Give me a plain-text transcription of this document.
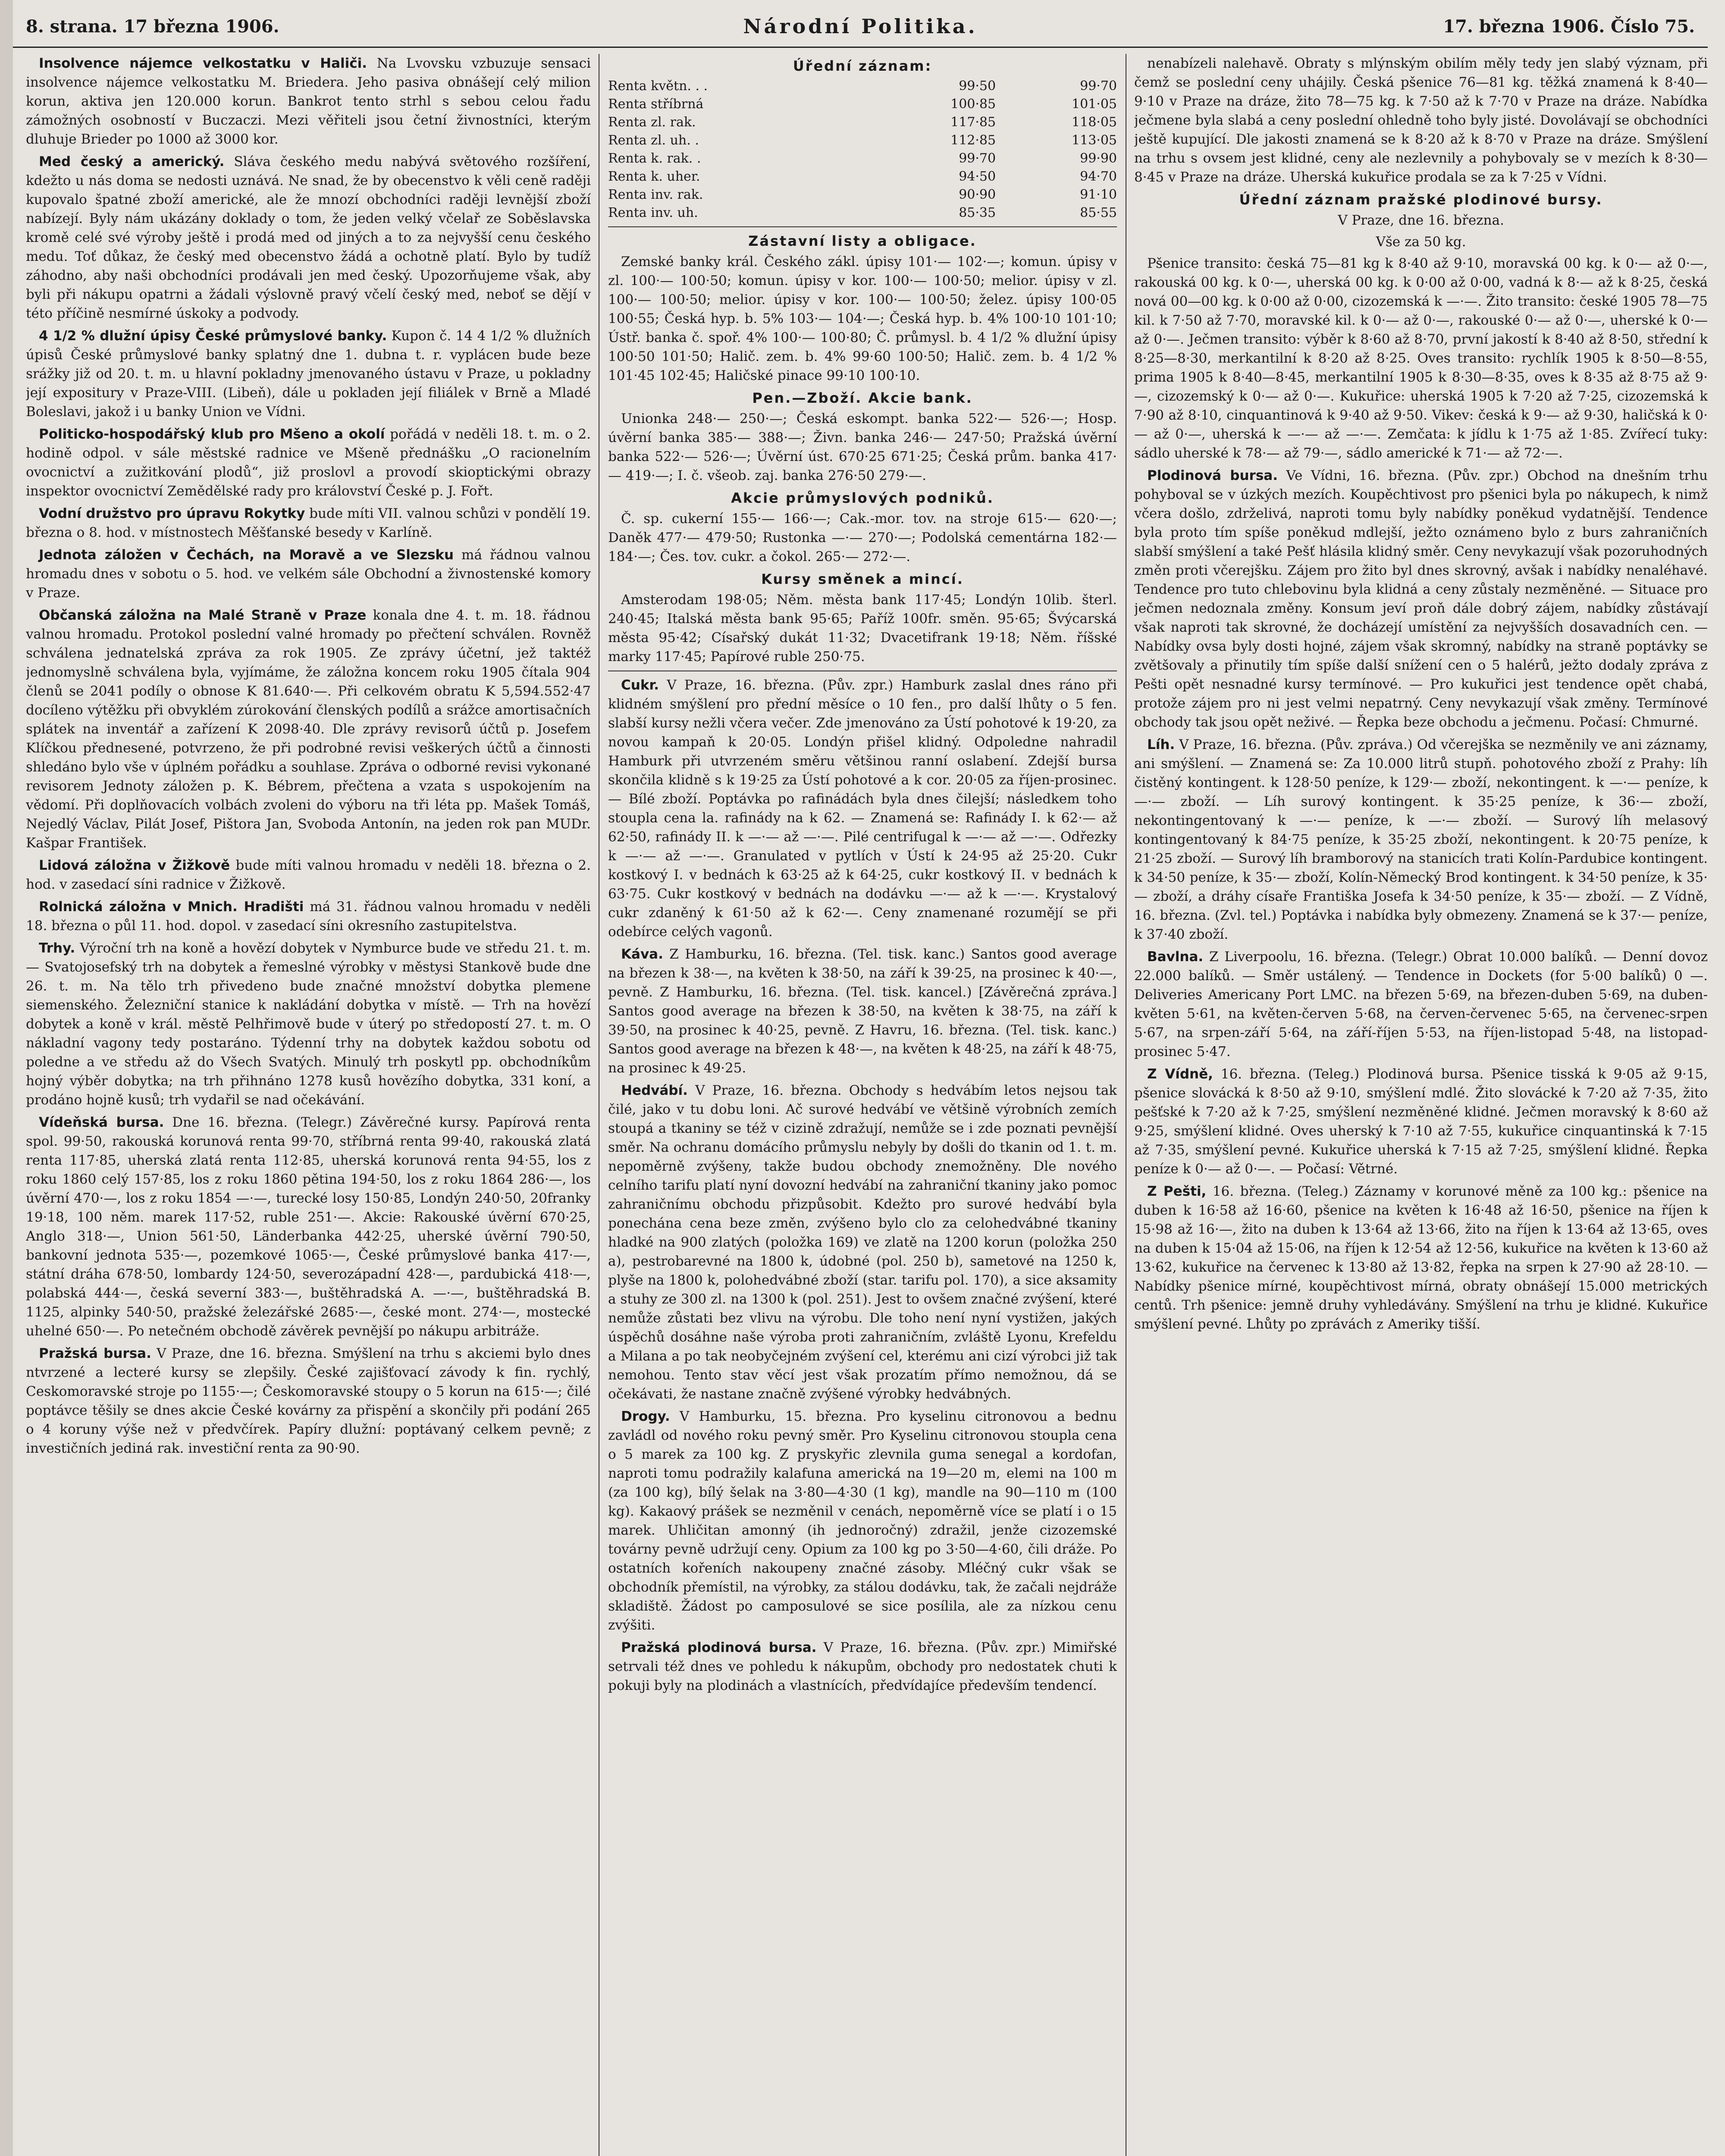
8. strana. 17 března 1906.	Národní Politika.	17. března 1906. Číslo 75.

Insolvence nájemce velkostatku v Haliči. Na Lvovsku vzbuzuje sensaci insolvence nájemce velkostatku M. Briedera. Jeho pasiva obnášejí celý milion korun, aktiva jen 120.000 korun. Bankrot tento strhl s sebou celou řadu zámožných osobností v Buczaczi. Mezi věřiteli jsou četní živnostníci, kterým dluhuje Brieder po 1000 až 3000 kor.

Med český a americký. Sláva českého medu nabývá světového rozšíření, kdežto u nás doma se nedosti uznává. Ne snad, že by obecenstvo k věli ceně raději kupovalo špatné zboží americké, ale že mnozí obchodníci raději levnější zboží nabízejí. Byly nám ukázány doklady o tom, že jeden velký včelař ze Soběslavska kromě celé své výroby ještě i prodá med od jiných a to za nejvyšší cenu českého medu. Toť důkaz, že český med obecenstvo žádá a ochotně platí. Bylo by tudíž záhodno, aby naši obchodníci prodávali jen med český. Upozorňujeme však, aby byli při nákupu opatrni a žádali výslovně pravý včelí český med, neboť se dějí v této příčině nesmírné úskoky a podvody.

4 1/2 % dlužní úpisy České průmyslové banky. Kupon č. 14 4 1/2 % dlužních úpisů České průmyslové banky splatný dne 1. dubna t. r. vyplácen bude beze srážky již od 20. t. m. u hlavní pokladny jmenovaného ústavu v Praze, u pokladny její expositury v Praze-VIII. (Libeň), dále u pokladen její filiálek v Brně a Mladé Boleslavi, jakož i u banky Union ve Vídni.

Politicko-hospodářský klub pro Mšeno a okolí pořádá v neděli 18. t. m. o 2. hodině odpol. v sále městské radnice ve Mšeně přednášku „O racionelním ovocnictví a zužitkování plodů“, již proslovl a provodí skioptickými obrazy inspektor ovocnictví Zemědělské rady pro království České p. J. Fořt.

Vodní družstvo pro úpravu Rokytky bude míti VII. valnou schůzi v pondělí 19. března o 8. hod. v místnostech Měšťanské besedy v Karlíně.

Jednota záložen v Čechách, na Moravě a ve Slezsku má řádnou valnou hromadu dnes v sobotu o 5. hod. ve velkém sále Obchodní a živnostenské komory v Praze.

Občanská záložna na Malé Straně v Praze konala dne 4. t. m. 18. řádnou valnou hromadu. Protokol poslední valné hromady po přečtení schválen. Rovněž schválena jednatelská zpráva za rok 1905. Ze zprávy účetní, jež taktéž jednomyslně schválena byla, vyjímáme, že záložna koncem roku 1905 čítala 904 členů se 2041 podíly o obnose K 81.640·—. Při celkovém obratu K 5,594.552·47 docíleno výtěžku při obvyklém zúrokování členských podílů a srážce amortisačních splátek na inventář a zařízení K 2098·40. Dle zprávy revisorů účtů p. Josefem Klíčkou přednesené, potvrzeno, že při podrobné revisi veškerých účtů a činnosti shledáno bylo vše v úplném pořádku a souhlase. Zpráva o odborné revisi vykonané revisorem Jednoty záložen p. K. Bébrem, přečtena a vzata s uspokojením na vědomí. Při doplňovacích volbách zvoleni do výboru na tři léta pp. Mašek Tomáš, Nejedlý Václav, Pilát Josef, Pištora Jan, Svoboda Antonín, na jeden rok pan MUDr. Kašpar František.

Lidová záložna v Žižkově bude míti valnou hromadu v neděli 18. března o 2. hod. v zasedací síni radnice v Žižkově.

Rolnická záložna v Mnich. Hradišti má 31. řádnou valnou hromadu v neděli 18. března o půl 11. hod. dopol. v zasedací síni okresního zastupitelstva.

Trhy. Výroční trh na koně a hovězí dobytek v Nymburce bude ve středu 21. t. m. — Svatojosefský trh na dobytek a řemeslné výrobky v městysi Stankově bude dne 26. t. m. Na tělo trh přivedeno bude značné množství dobytka plemene siemenského. Železniční stanice k nakládání dobytka v místě. — Trh na hovězí dobytek a koně v král. městě Pelhřimově bude v úterý po středopostí 27. t. m. O nákladní vagony tedy postaráno. Týdenní trhy na dobytek každou sobotu od poledne a ve středu až do Všech Svatých. Minulý trh poskytl pp. obchodníkům hojný výběr dobytka; na trh přihnáno 1278 kusů hovězího dobytka, 331 koní, a prodáno hojně kusů; trh vydařil se nad očekávání.

Vídeňská bursa. Dne 16. března. (Telegr.) Závěrečné kursy. Papírová renta spol. 99·50, rakouská korunová renta 99·70, stříbrná renta 99·40, rakouská zlatá renta 117·85, uherská zlatá renta 112·85, uherská korunová renta 94·55, los z roku 1860 celý 157·85, los z roku 1860 pětina 194·50, los z roku 1864 286·—, los úvěrní 470·—, los z roku 1854 —·—, turecké losy 150·85, Londýn 240·50, 20franky 19·18, 100 něm. marek 117·52, ruble 251·—. Akcie: Rakouské úvěrní 670·25, Anglo 318·—, Union 561·50, Länderbanka 442·25, uherské úvěrní 790·50, bankovní jednota 535·—, pozemkové 1065·—, České průmyslové banka 417·—, státní dráha 678·50, lombardy 124·50, severozápadní 428·—, pardubická 418·—, polabská 444·—, česká severní 383·—, buštěhradská A. —·—, buštěhradská B. 1125, alpinky 540·50, pražské železářské 2685·—, české mont. 274·—, mostecké uhelné 650·—. Po netečném obchodě závěrek pevnější po nákupu arbitráže.

Pražská bursa. V Praze, dne 16. března. Smýšlení na trhu s akciemi bylo dnes ntvrzené a lecteré kursy se zlepšily. České zajišťovací závody k fin. rychlý, Ceskomoravské stroje po 1155·—; Českomoravské stoupy o 5 korun na 615·—; čilé poptávce těšily se dnes akcie České kovárny za přispění a skončily při podání 265 o 4 koruny výše než v předvčírek. Papíry dlužní: poptávaný celkem pevně; z investičních jediná rak. investiční renta za 90·90.

Úřední záznam:
Renta květn. . .	99·50	99·70
Renta stříbrná	100·85	101·05
Renta zl. rak.	117·85	118·05
Renta zl. uh. .	112·85	113·05
Renta k. rak. .	99·70	99·90
Renta k. uher.	94·50	94·70
Renta inv. rak.	90·90	91·10
Renta inv. uh.	85·35	85·55
Zástavní listy a obligace.

Zemské banky král. Českého zákl. úpisy 101·— 102·—; komun. úpisy v zl. 100·— 100·50; komun. úpisy v kor. 100·— 100·50; melior. úpisy v zl. 100·— 100·50; melior. úpisy v kor. 100·— 100·50; želez. úpisy 100·05 100·55; Česká hyp. b. 5% 103·— 104·—; Česká hyp. b. 4% 100·10 101·10; Ústř. banka č. spoř. 4% 100·— 100·80; Č. průmysl. b. 4 1/2 % dlužní úpisy 100·50 101·50; Halič. zem. b. 4% 99·60 100·50; Halič. zem. b. 4 1/2 % 101·45 102·45; Haličské pinace 99·10 100·10.

Pen.—Zboží. Akcie bank.

Unionka 248·— 250·—; Česká eskompt. banka 522·— 526·—; Hosp. úvěrní banka 385·— 388·—; Živn. banka 246·— 247·50; Pražská úvěrní banka 522·— 526·—; Úvěrní úst. 670·25 671·25; Česká prům. banka 417·— 419·—; I. č. všeob. zaj. banka 276·50 279·—.

Akcie průmyslových podniků.

Č. sp. cukerní 155·— 166·—; Cak.-mor. tov. na stroje 615·— 620·—; Daněk 477·— 479·50; Rustonka —·— 270·—; Podolská cementárna 182·— 184·—; Čes. tov. cukr. a čokol. 265·— 272·—.

Kursy směnek a mincí.

Amsterodam 198·05; Něm. města bank 117·45; Londýn 10lib. šterl. 240·45; Italská města bank 95·65; Paříž 100fr. směn. 95·65; Švýcarská města 95·42; Císařský dukát 11·32; Dvacetifrank 19·18; Něm. říšské marky 117·45; Papírové ruble 250·75.

Cukr. V Praze, 16. března. (Pův. zpr.) Hamburk zaslal dnes ráno při klidném smýšlení pro přední měsíce o 10 fen., pro další lhůty o 5 fen. slabší kursy nežli včera večer. Zde jmenováno za Ústí pohotové k 19·20, za novou kampaň k 20·05. Londýn přišel klidný. Odpoledne nahradil Hamburk při utvrzeném směru většinou ranní oslabení. Zdejší bursa skončila klidně s k 19·25 za Ústí pohotové a k cor. 20·05 za říjen-prosinec. — Bílé zboží. Poptávka po rafinádách byla dnes čilejší; následkem toho stoupla cena la. rafinády na k 62. — Znamená se: Rafinády I. k 62·— až 62·50, rafinády II. k —·— až —·—. Pilé centrifugal k —·— až —·—. Odřezky k —·— až —·—. Granulated v pytlích v Ústí k 24·95 až 25·20. Cukr kostkový I. v bednách k 63·25 až k 64·25, cukr kostkový II. v bednách k 63·75. Cukr kostkový v bednách na dodávku —·— až k —·—. Krystalový cukr zdaněný k 61·50 až k 62·—. Ceny znamenané rozumějí se při odebírce celých vagonů.

Káva. Z Hamburku, 16. března. (Tel. tisk. kanc.) Santos good average na březen k 38·—, na květen k 38·50, na září k 39·25, na prosinec k 40·—, pevně. Z Hamburku, 16. března. (Tel. tisk. kancel.) [Závěrečná zpráva.] Santos good average na březen k 38·50, na květen k 38·75, na září k 39·50, na prosinec k 40·25, pevně. Z Havru, 16. března. (Tel. tisk. kanc.) Santos good average na březen k 48·—, na květen k 48·25, na září k 48·75, na prosinec k 49·25.

Hedvábí. V Praze, 16. března. Obchody s hedvábím letos nejsou tak čilé, jako v tu dobu loni. Ač surové hedvábí ve většině výrobních zemích stoupá a tkaniny se též v cizině zdražují, nemůže se i zde poznati pevnější směr. Na ochranu domácího průmyslu nebyly by došli do tkanin od 1. t. m. nepoměrně zvýšeny, takže budou obchody znemožněny. Dle nového celního tarifu platí nyní dovozní hedvábí na zahraniční tkaniny jako pomoc zahraničnímu obchodu přizpůsobit. Kdežto pro surové hedvábí byla ponechána cena beze změn, zvýšeno bylo clo za celohedvábné tkaniny hladké na 900 zlatých (položka 169) ve zlatě na 1200 korun (položka 250 a), pestrobarevné na 1800 k, údobné (pol. 250 b), sametové na 1250 k, plyše na 1800 k, polohedvábné zboží (star. tarifu pol. 170), a sice aksamity a stuhy ze 300 zl. na 1300 k (pol. 251). Jest to ovšem značné zvýšení, které nemůže zůstati bez vlivu na výrobu. Dle toho není nyní vystižen, jakých úspěchů dosáhne naše výroba proti zahraničním, zvláště Lyonu, Krefeldu a Milana a po tak neobyčejném zvýšení cel, kterému ani cizí výrobci již tak nemohou. Tento stav věcí jest však prozatím přímo nemožnou, dá se očekávati, že nastane značně zvýšené výrobky hedvábných.

Drogy. V Hamburku, 15. března. Pro kyselinu citronovou a bednu zavládl od nového roku pevný směr. Pro Kyselinu citronovou stoupla cena o 5 marek za 100 kg. Z pryskyřic zlevnila guma senegal a kordofan, naproti tomu podražily kalafuna americká na 19—20 m, elemi na 100 m (za 100 kg), bílý šelak na 3·80—4·30 (1 kg), mandle na 90—110 m (100 kg). Kakaový prášek se nezměnil v cenách, nepoměrně více se platí i o 15 marek. Uhličitan amonný (ih jednoročný) zdražil, jenže cizozemské továrny pevně udržují ceny. Opium za 100 kg po 3·50—4·60, čili dráže. Po ostatních kořeních nakoupeny značné zásoby. Mléčný cukr však se obchodník přemístil, na výrobky, za stálou dodávku, tak, že začali nejdráže skladiště. Žádost po camposulové se sice posílila, ale za nízkou cenu zvýšiti.

Pražská plodinová bursa. V Praze, 16. března. (Pův. zpr.) Mimiřské setrvali též dnes ve pohledu k nákupům, obchody pro nedostatek chuti k pokuji byly na plodinách a vlastnících, předvídajíce především tendencí.

nenabízeli nalehavě. Obraty s mlýnským obilím měly tedy jen slabý význam, při čemž se poslední ceny uhájily. Česká pšenice 76—81 kg. těžká znamená k 8·40—9·10 v Praze na dráze, žito 78—75 kg. k 7·50 až k 7·70 v Praze na dráze. Nabídka ječmene byla slabá a ceny poslední ohledně toho byly jisté. Dovolávají se obchodníci ještě kupující. Dle jakosti znamená se k 8·20 až k 8·70 v Praze na dráze. Smýšlení na trhu s ovsem jest klidné, ceny ale nezlevnily a pohybovaly se v mezích k 8·30—8·45 v Praze na dráze. Uherská kukuřice prodala se za k 7·25 v Vídni.

Úřední záznam pražské plodinové bursy.
V Praze, dne 16. března.
Vše za 50 kg.

Pšenice transito: česká 75—81 kg k 8·40 až 9·10, moravská 00 kg. k 0·— až 0·—, rakouská 00 kg. k 0·—, uherská 00 kg. k 0·00 až 0·00, vadná k 8·— až k 8·25, česká nová 00—00 kg. k 0·00 až 0·00, cizozemská k —·—. Žito transito: české 1905 78—75 kil. k 7·50 až 7·70, moravské kil. k 0·— až 0·—, rakouské 0·— až 0·—, uherské k 0·— až 0·—. Ječmen transito: výběr k 8·60 až 8·70, první jakostí k 8·40 až 8·50, střední k 8·25—8·30, merkantilní k 8·20 až 8·25. Oves transito: rychlík 1905 k 8·50—8·55, prima 1905 k 8·40—8·45, merkantilní 1905 k 8·30—8·35, oves k 8·35 až 8·75 až 9·—, cizozemský k 0·— až 0·—. Kukuřice: uherská 1905 k 7·20 až 7·25, cizozemská k 7·90 až 8·10, cinquantinová k 9·40 až 9·50. Vikev: česká k 9·— až 9·30, haličská k 0·— až 0·—, uherská k —·— až —·—. Zemčata: k jídlu k 1·75 až 1·85. Zvířecí tuky: sádlo uherské k 78·— až 79·—, sádlo americké k 71·— až 72·—.

Plodinová bursa. Ve Vídni, 16. března. (Pův. zpr.) Obchod na dnešním trhu pohyboval se v úzkých mezích. Koupěchtivost pro pšenici byla po nákupech, k nimž včera došlo, zdrželivá, naproti tomu byly nabídky poněkud vydatnější. Tendence byla proto tím spíše poněkud mdlejší, ježto oznámeno bylo z burs zahraničních slabší smýšlení a také Pešť hlásila klidný směr. Ceny nevykazují však pozoruhodných změn proti včerejšku. Zájem pro žito byl dnes skrovný, avšak i nabídky nenaléhavé. Tendence pro tuto chlebovinu byla klidná a ceny zůstaly nezměněné. — Situace pro ječmen nedoznala změny. Konsum jeví proň dále dobrý zájem, nabídky zůstávají však naproti tak skrovné, že docházejí umístění za nejvyšších dosavadních cen. — Nabídky ovsa byly dosti hojné, zájem však skromný, nabídky na straně poptávky se zvětšovaly a přinutily tím spíše další snížení cen o 5 halérů, ježto dodaly zpráva z Pešti opět nesnadné kursy termínové. — Pro kukuřici jest tendence opět chabá, protože zájem pro ni jest velmi nepatrný. Ceny nevykazují však změny. Termínové obchody tak jsou opět neživé. — Řepka beze obchodu a ječmenu. Počasí: Chmurné.

Líh. V Praze, 16. března. (Pův. zpráva.) Od včerejška se nezměnily ve ani záznamy, ani smýšlení. — Znamená se: Za 10.000 litrů stupň. pohotového zboží z Prahy: líh čistěný kontingent. k 128·50 peníze, k 129·— zboží, nekontingent. k —·— peníze, k —·— zboží. — Líh surový kontingent. k 35·25 peníze, k 36·— zboží, nekontingentovaný k —·— peníze, k —·— zboží. — Surový líh melasový kontingentovaný k 84·75 peníze, k 35·25 zboží, nekontingent. k 20·75 peníze, k 21·25 zboží. — Surový líh bramborový na stanicích trati Kolín-Pardubice kontingent. k 34·50 peníze, k 35·— zboží, Kolín-Německý Brod kontingent. k 34·50 peníze, k 35·— zboží, a dráhy císaře Františka Josefa k 34·50 peníze, k 35·— zboží. — Z Vídně, 16. března. (Zvl. tel.) Poptávka i nabídka byly obmezeny. Znamená se k 37·— peníze, k 37·40 zboží.

Bavlna. Z Liverpoolu, 16. března. (Telegr.) Obrat 10.000 balíků. — Denní dovoz 22.000 balíků. — Směr ustálený. — Tendence in Dockets (for 5·00 balíků) 0 —. Deliveries Americany Port LMC. na březen 5·69, na březen-duben 5·69, na duben-květen 5·61, na květen-červen 5·68, na červen-červenec 5·65, na červenec-srpen 5·67, na srpen-září 5·64, na září-říjen 5·53, na říjen-listopad 5·48, na listopad-prosinec 5·47.

Z Vídně, 16. března. (Teleg.) Plodinová bursa. Pšenice tisská k 9·05 až 9·15, pšenice slovácká k 8·50 až 9·10, smýšlení mdlé. Žito slovácké k 7·20 až 7·35, žito pešťské k 7·20 až k 7·25, smýšlení nezměněné klidné. Ječmen moravský k 8·60 až 9·25, smýšlení klidné. Oves uherský k 7·10 až 7·55, kukuřice cinquantinská k 7·15 až 7·35, smýšlení pevné. Kukuřice uherská k 7·15 až 7·25, smýšlení klidné. Řepka peníze k 0·— až 0·—. — Počasí: Větrné.

Z Pešti, 16. března. (Teleg.) Záznamy v korunové měně za 100 kg.: pšenice na duben k 16·58 až 16·60, pšenice na květen k 16·48 až 16·50, pšenice na říjen k 15·98 až 16·—, žito na duben k 13·64 až 13·66, žito na říjen k 13·64 až 13·65, oves na duben k 15·04 až 15·06, na říjen k 12·54 až 12·56, kukuřice na květen k 13·60 až 13·62, kukuřice na červenec k 13·80 až 13·82, řepka na srpen k 27·90 až 28·10. — Nabídky pšenice mírné, koupěchtivost mírná, obraty obnášejí 15.000 metrických centů. Trh pšenice: jemně druhy vyhledávány. Smýšlení na trhu je klidné. Kukuřice smýšlení pevné. Lhůty po zprávách z Ameriky tišší.
